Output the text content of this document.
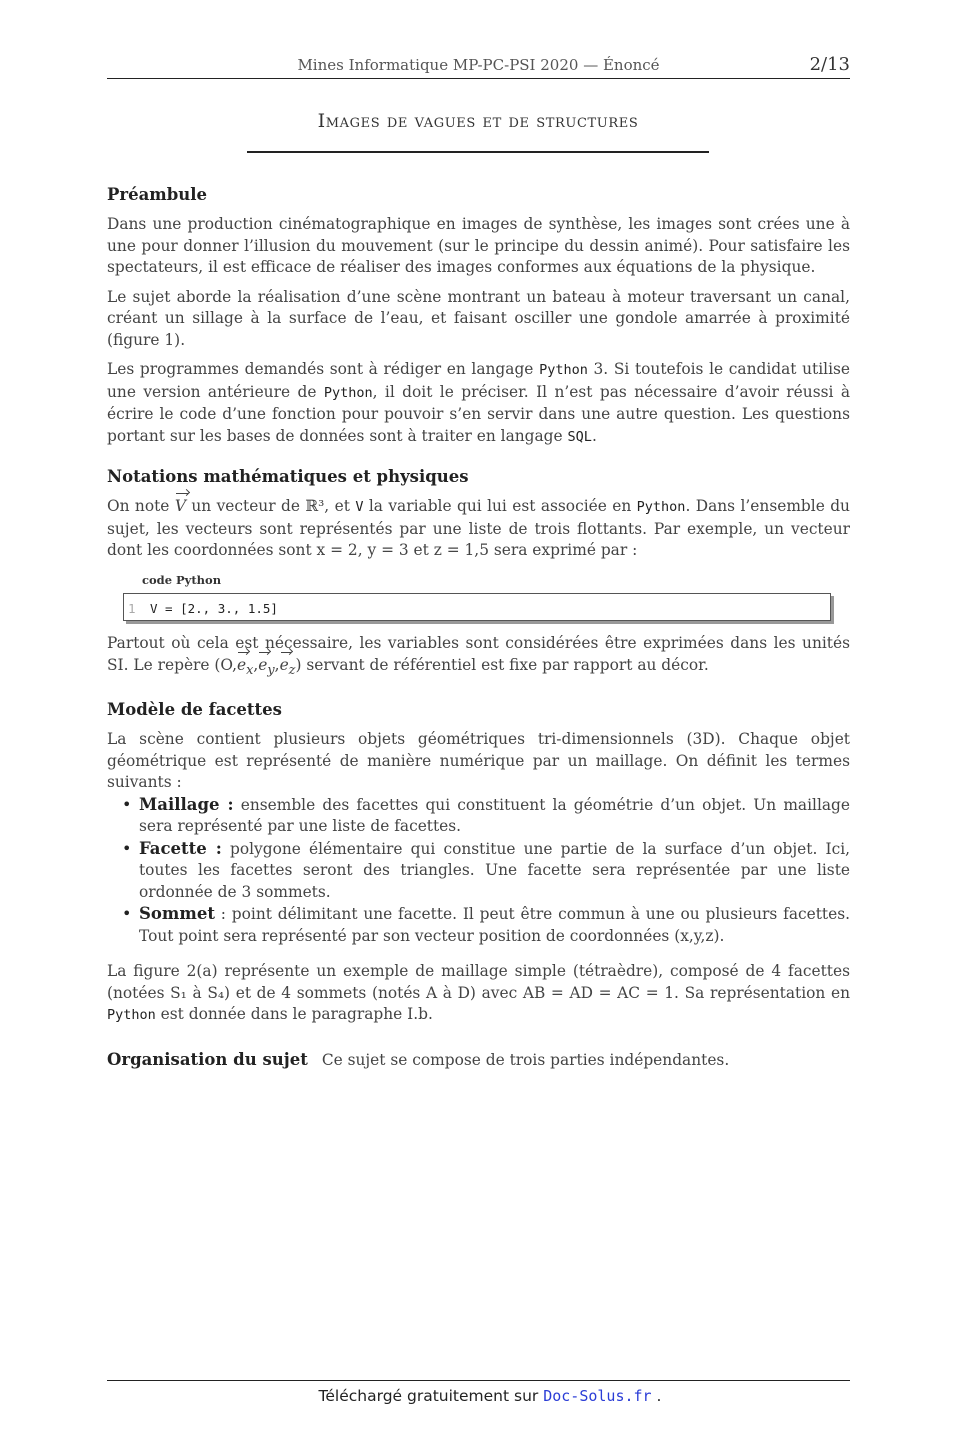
Mines Informatique MP-PC-PSI 2020 — Énoncé	2/13
Images de vagues et de structures
Préambule

Dans une production cinématographique en images de synthèse, les images sont crées une à une pour donner l’illusion du mouvement (sur le principe du dessin animé). Pour satisfaire les spectateurs, il est efficace de réaliser des images conformes aux équations de la physique.

Le sujet aborde la réalisation d’une scène montrant un bateau à moteur traversant un canal, créant un sillage à la surface de l’eau, et faisant osciller une gondole amarrée à proximité (figure 1).

Les programmes demandés sont à rédiger en langage Python 3. Si toutefois le candidat utilise une version antérieure de Python, il doit le préciser. Il n’est pas nécessaire d’avoir réussi à écrire le code d’une fonction pour pouvoir s’en servir dans une autre question. Les questions portant sur les bases de données sont à traiter en langage SQL.

Notations mathématiques et physiques

On note V un vecteur de ℝ³, et V la variable qui lui est associée en Python. Dans l’ensemble du sujet, les vecteurs sont représentés par une liste de trois flottants. Par exemple, un vecteur dont les coordonnées sont x = 2, y = 3 et z = 1,5 sera exprimé par :

code Python
1 V = [2., 3., 1.5]

Partout où cela est nécessaire, les variables sont considérées être exprimées dans les unités SI. Le repère $(O,e_x,e_y,e_z)$ servant de référentiel est fixe par rapport au décor.

Modèle de facettes

La scène contient plusieurs objets géométriques tri-dimensionnels (3D). Chaque objet géométrique est représenté de manière numérique par un maillage. On définit les termes suivants :

• Maillage : ensemble des facettes qui constituent la géométrie d’un objet. Un maillage sera représenté par une liste de facettes.
• Facette : polygone élémentaire qui constitue une partie de la surface d’un objet. Ici, toutes les facettes seront des triangles. Une facette sera représentée par une liste ordonnée de 3 sommets.
• Sommet : point délimitant une facette. Il peut être commun à une ou plusieurs facettes. Tout point sera représenté par son vecteur position de coordonnées (x,y,z).

La figure 2(a) représente un exemple de maillage simple (tétraèdre), composé de 4 facettes (notées S₁ à S₄) et de 4 sommets (notés A à D) avec AB = AD = AC = 1. Sa représentation en Python est donnée dans le paragraphe I.b.

Organisation du sujet Ce sujet se compose de trois parties indépendantes.

Téléchargé gratuitement sur Doc-Solus.fr .
